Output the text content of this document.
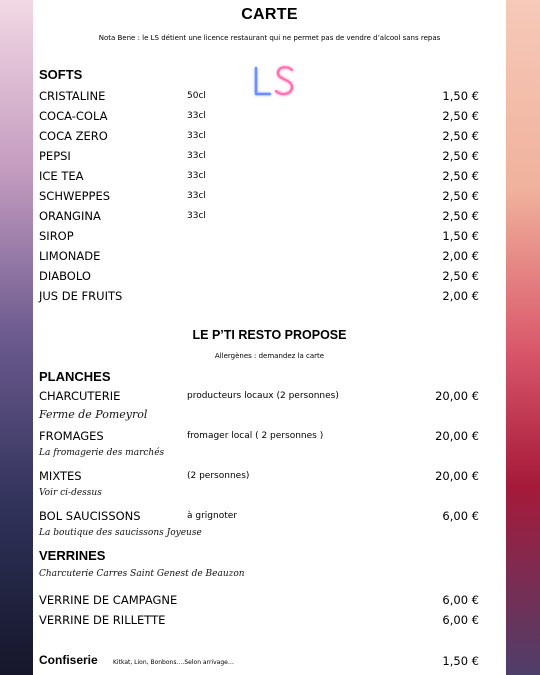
CARTE
Nota Bene : le LS détient une licence restaurant qui ne permet pas de vendre d’alcool sans repas
SOFTS
CRISTALINE	50cl	1,50 €
COCA-COLA	33cl	2,50 €
COCA ZERO	33cl	2,50 €
PEPSI	33cl	2,50 €
ICE TEA	33cl	2,50 €
SCHWEPPES	33cl	2,50 €
ORANGINA	33cl	2,50 €
SIROP	1,50 €
LIMONADE	2,00 €
DIABOLO	2,50 €
JUS DE FRUITS	2,00 €
LE P’TI RESTO PROPOSE
Allergènes : demandez la carte
PLANCHES
CHARCUTERIE	producteurs locaux (2 personnes)	20,00 €
Ferme de Pomeyrol
FROMAGES	fromager local ( 2 personnes )	20,00 €
La fromagerie des marchés
MIXTES	(2 personnes)	20,00 €
Voir ci-dessus
BOL SAUCISSONS	à grignoter	6,00 €
La boutique des saucissons Joyeuse
VERRINES
Charcuterie Carres Saint Genest de Beauzon
VERRINE DE CAMPAGNE	6,00 €
VERRINE DE RILLETTE	6,00 €
Confiserie	Kitkat, Lion, Bonbons….Selon arrivage…	1,50 €
